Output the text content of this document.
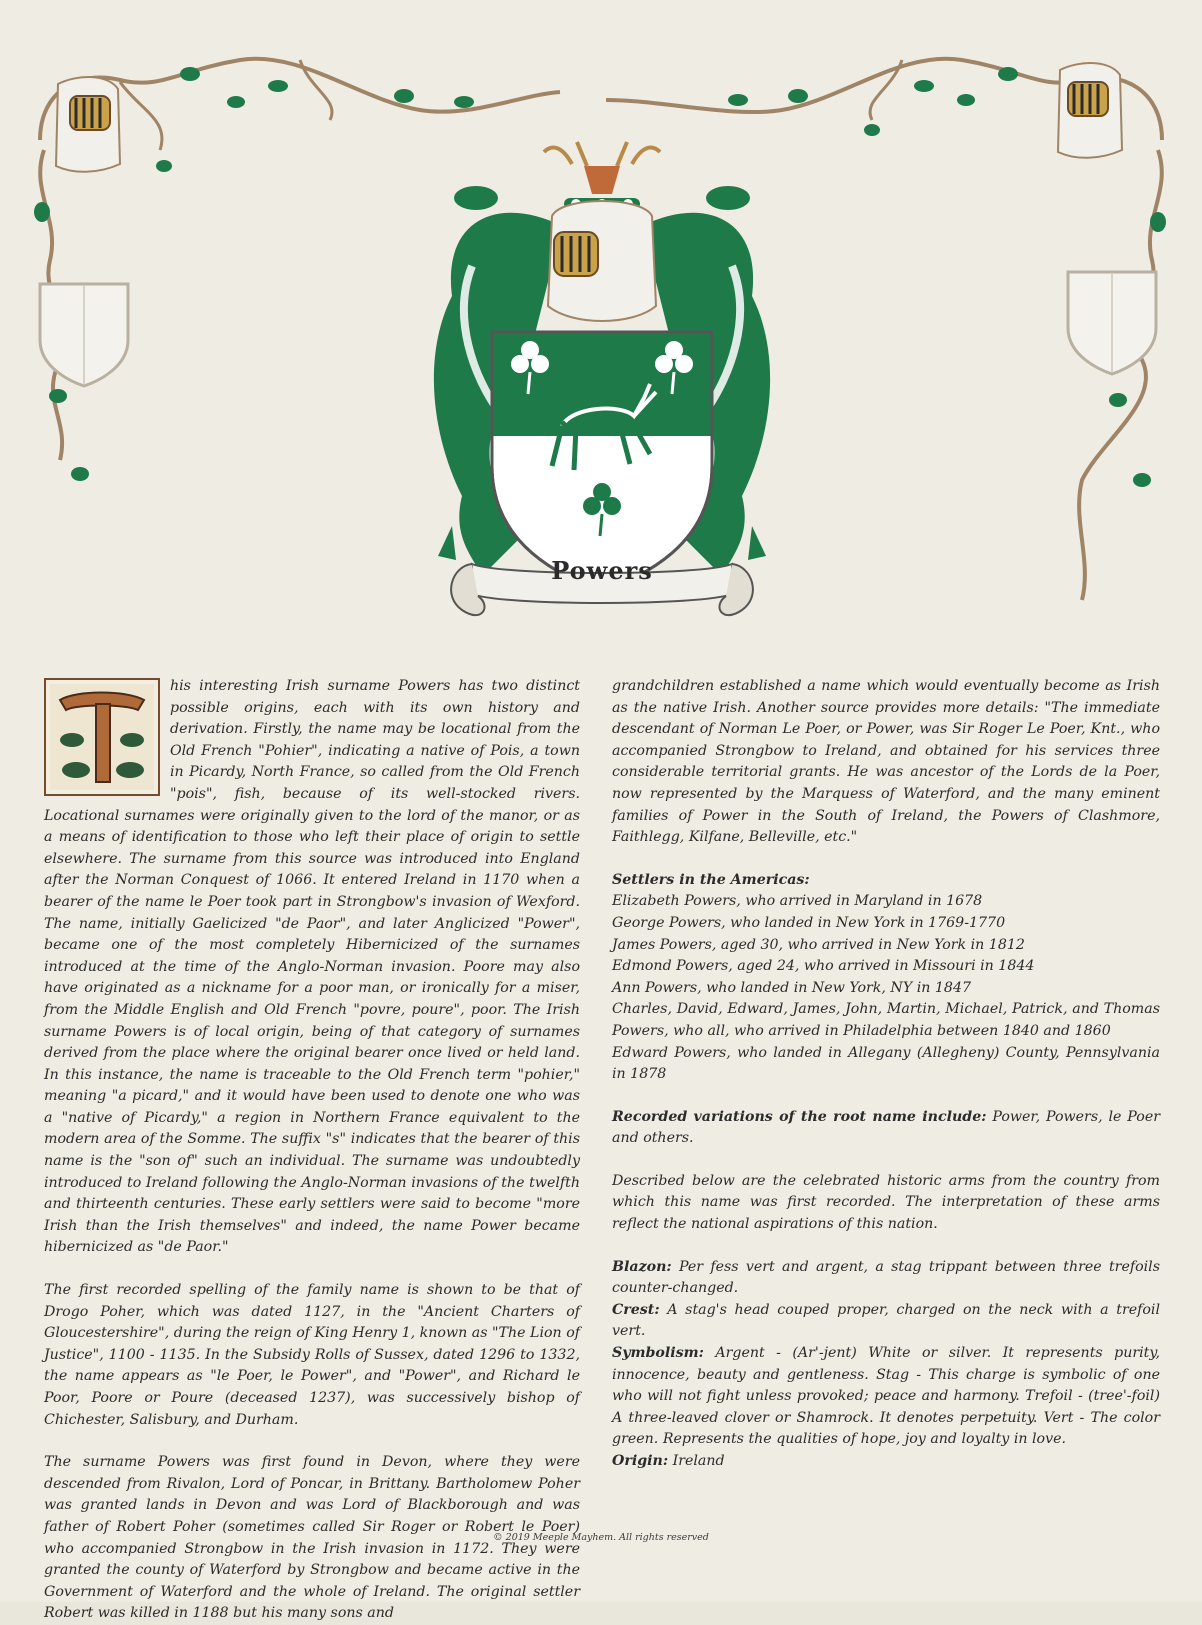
Powers

his interesting Irish surname Powers has two distinct possible origins, each with its own history and derivation. Firstly, the name may be locational from the Old French "Pohier", indicating a native of Pois, a town in Picardy, North France, so called from the Old French "pois", fish, because of its well-stocked rivers. Locational surnames were originally given to the lord of the manor, or as a means of identification to those who left their place of origin to settle elsewhere. The surname from this source was introduced into England after the Norman Conquest of 1066. It entered Ireland in 1170 when a bearer of the name le Poer took part in Strongbow's invasion of Wexford. The name, initially Gaelicized "de Paor", and later Anglicized "Power", became one of the most completely Hibernicized of the surnames introduced at the time of the Anglo-Norman invasion. Poore may also have originated as a nickname for a poor man, or ironically for a miser, from the Middle English and Old French "povre, poure", poor. The Irish surname Powers is of local origin, being of that category of surnames derived from the place where the original bearer once lived or held land. In this instance, the name is traceable to the Old French term "pohier," meaning "a picard," and it would have been used to denote one who was a "native of Picardy," a region in Northern France equivalent to the modern area of the Somme. The suffix "s" indicates that the bearer of this name is the "son of" such an individual. The surname was undoubtedly introduced to Ireland following the Anglo-Norman invasions of the twelfth and thirteenth centuries. These early settlers were said to become "more Irish than the Irish themselves" and indeed, the name Power became hibernicized as "de Paor."

The first recorded spelling of the family name is shown to be that of Drogo Poher, which was dated 1127, in the "Ancient Charters of Gloucestershire", during the reign of King Henry 1, known as "The Lion of Justice", 1100 - 1135. In the Subsidy Rolls of Sussex, dated 1296 to 1332, the name appears as "le Poer, le Power", and "Power", and Richard le Poor, Poore or Poure (deceased 1237), was successively bishop of Chichester, Salisbury, and Durham.

The surname Powers was first found in Devon, where they were descended from Rivalon, Lord of Poncar, in Brittany. Bartholomew Poher was granted lands in Devon and was Lord of Blackborough and was father of Robert Poher (sometimes called Sir Roger or Robert le Poer) who accompanied Strongbow in the Irish invasion in 1172. They were granted the county of Waterford by Strongbow and became active in the Government of Waterford and the whole of Ireland. The original settler Robert was killed in 1188 but his many sons and

grandchildren established a name which would eventually become as Irish as the native Irish. Another source provides more details: "The immediate descendant of Norman Le Poer, or Power, was Sir Roger Le Poer, Knt., who accompanied Strongbow to Ireland, and obtained for his services three considerable territorial grants. He was ancestor of the Lords de la Poer, now represented by the Marquess of Waterford, and the many eminent families of Power in the South of Ireland, the Powers of Clashmore, Faithlegg, Kilfane, Belleville, etc."

Settlers in the Americas:
Elizabeth Powers, who arrived in Maryland in 1678
George Powers, who landed in New York in 1769-1770
James Powers, aged 30, who arrived in New York in 1812
Edmond Powers, aged 24, who arrived in Missouri in 1844
Ann Powers, who landed in New York, NY in 1847
Charles, David, Edward, James, John, Martin, Michael, Patrick, and Thomas Powers, who all, who arrived in Philadelphia between 1840 and 1860
Edward Powers, who landed in Allegany (Allegheny) County, Pennsylvania in 1878

Recorded variations of the root name include: Power, Powers, le Poer and others.

Described below are the celebrated historic arms from the country from which this name was first recorded. The interpretation of these arms reflect the national aspirations of this nation.

Blazon: Per fess vert and argent, a stag trippant between three trefoils counter-changed.
Crest: A stag's head couped proper, charged on the neck with a trefoil vert.
Symbolism: Argent - (Ar'-jent) White or silver. It represents purity, innocence, beauty and gentleness. Stag - This charge is symbolic of one who will not fight unless provoked; peace and harmony. Trefoil - (tree'-foil) A three-leaved clover or Shamrock. It denotes perpetuity. Vert - The color green. Represents the qualities of hope, joy and loyalty in love.
Origin: Ireland
© 2019 Meeple Mayhem. All rights reserved
